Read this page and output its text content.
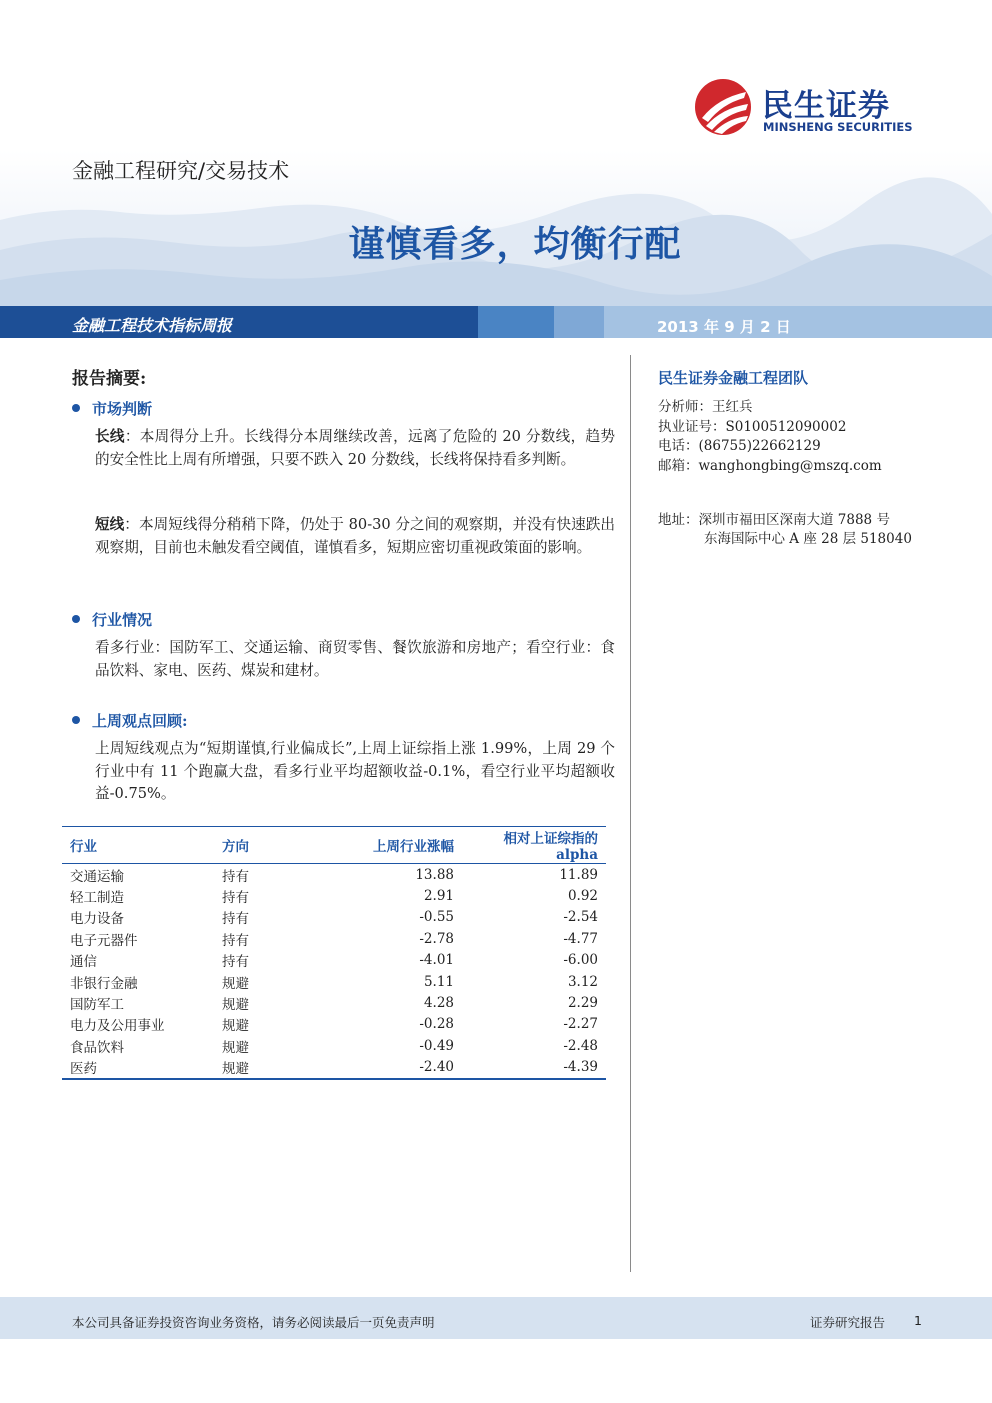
民生证券
MINSHENG SECURITIES
金融工程研究/交易技术
谨慎看多，均衡行配
金融工程技术指标周报	2013 年 9 月 2 日
报告摘要:
市场判断
长线：本周得分上升。长线得分本周继续改善，远离了危险的 20 分数线，趋势的安全性比上周有所增强，只要不跌入 20 分数线，长线将保持看多判断。
短线：本周短线得分稍稍下降，仍处于 80-30 分之间的观察期，并没有快速跌出观察期，目前也未触发看空阈值，谨慎看多，短期应密切重视政策面的影响。
行业情况
看多行业：国防军工、交通运输、商贸零售、餐饮旅游和房地产；看空行业：食品饮料、家电、医药、煤炭和建材。
上周观点回顾:
上周短线观点为“短期谨慎,行业偏成长”,上周上证综指上涨 1.99%，上周 29 个行业中有 11 个跑赢大盘，看多行业平均超额收益-0.1%，看空行业平均超额收益-0.75%。
行业	方向	上周行业涨幅	相对上证综指的 alpha
交通运输	持有	13.88	11.89
轻工制造	持有	2.91	0.92
电力设备	持有	-0.55	-2.54
电子元器件	持有	-2.78	-4.77
通信	持有	-4.01	-6.00
非银行金融	规避	5.11	3.12
国防军工	规避	4.28	2.29
电力及公用事业	规避	-0.28	-2.27
食品饮料	规避	-0.49	-2.48
医药	规避	-2.40	-4.39
民生证券金融工程团队
分析师：王红兵
执业证号：S0100512090002
电话：(86755)22662129
邮箱：wanghongbing@mszq.com
地址：深圳市福田区深南大道 7888 号
东海国际中心 A 座 28 层 518040
本公司具备证券投资咨询业务资格，请务必阅读最后一页免责声明	证券研究报告 1
